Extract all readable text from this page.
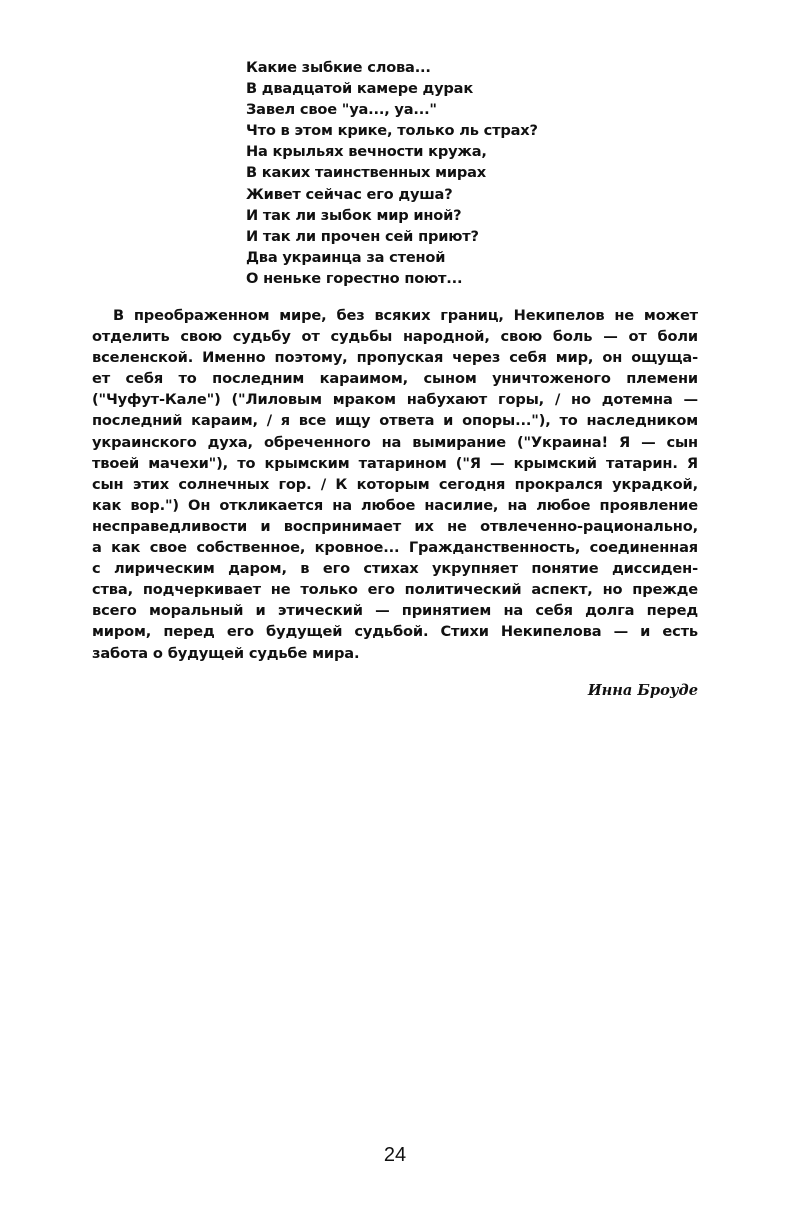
Какие зыбкие слова...
В двадцатой камере дурак
Завел свое "уа..., уа..."
Что в этом крике, только ль страх?
На крыльях вечности кружа,
В каких таинственных мирах
Живет сейчас его душа?
И так ли зыбок мир иной?
И так ли прочен сей приют?
Два украинца за стеной
О неньке горестно поют...
В преображенном мире, без всяких границ, Некипелов не может
отделить свою судьбу от судьбы народной, свою боль — от боли
вселенской. Именно поэтому, пропуская через себя мир, он ощуща-
ет себя то последним караимом, сыном уничтоженого племени
("Чуфут-Кале") ("Лиловым мраком набухают горы, / но дотемна —
последний караим, / я все ищу ответа и опоры..."), то наследником
украинского духа, обреченного на вымирание ("Украина! Я — сын
твоей мачехи"), то крымским татарином ("Я — крымский татарин. Я
сын этих солнечных гор. / К которым сегодня прокрался украдкой,
как вор.") Он откликается на любое насилие, на любое проявление
несправедливости и воспринимает их не отвлеченно-рационально,
а как свое собственное, кровное... Гражданственность, соединенная
с лирическим даром, в его стихах укрупняет понятие диссиден-
ства, подчеркивает не только его политический аспект, но прежде
всего моральный и этический — принятием на себя долга перед
миром, перед его будущей судьбой. Стихи Некипелова — и есть
забота о будущей судьбе мира.
Инна Броуде
24
